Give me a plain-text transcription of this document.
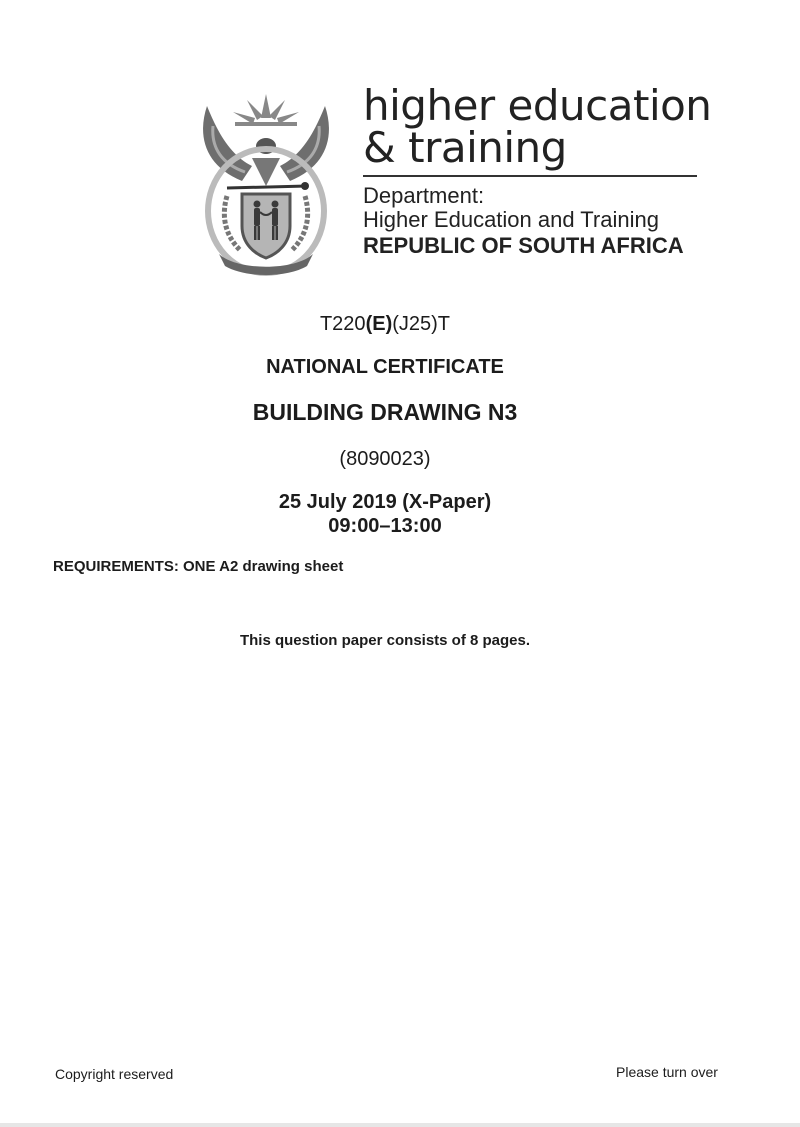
higher education
& training
Department:
Higher Education and Training
REPUBLIC OF SOUTH AFRICA
T220(E)(J25)T
NATIONAL CERTIFICATE
BUILDING DRAWING N3
(8090023)
25 July 2019 (X-Paper)
09:00–13:00
REQUIREMENTS: ONE A2 drawing sheet
This question paper consists of 8 pages.
Copyright reserved	Please turn over
